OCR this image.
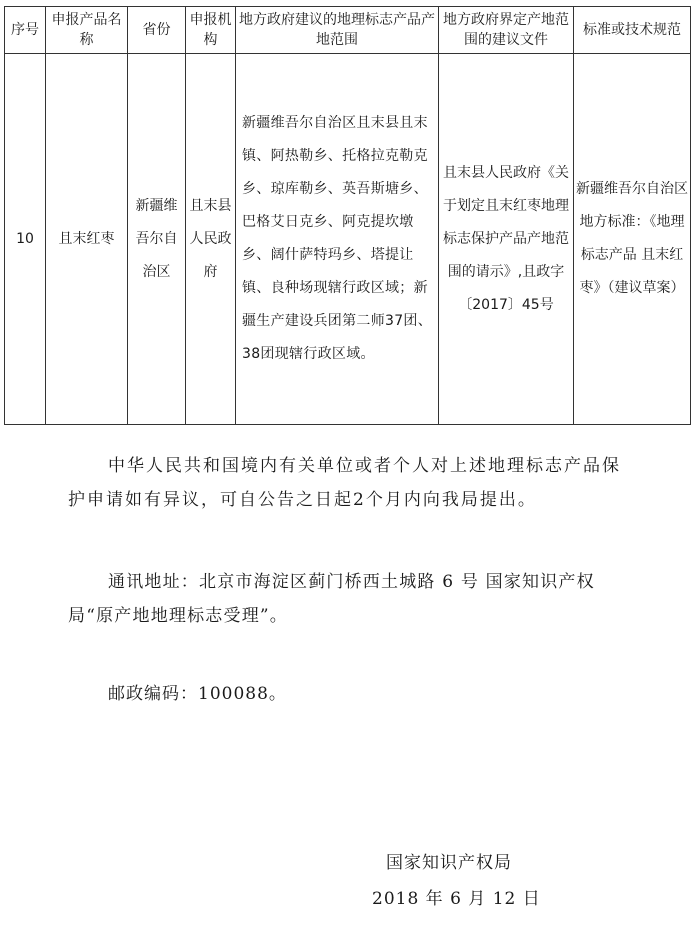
序号	申报产品名称	省份	申报机构	地方政府建议的地理标志产品产地范围	地方政府界定产地范围的建议文件	标准或技术规范

10	且末红枣	新疆维吾尔自治区	且末县人民政府	新疆维吾尔自治区且末县且末镇、阿热勒乡、托格拉克勒克乡、琼库勒乡、英吾斯塘乡、巴格艾日克乡、阿克提坎墩乡、阔什萨特玛乡、塔提让镇、良种场现辖行政区域；新疆生产建设兵团第二师37团、38团现辖行政区域。	且末县人民政府《关于划定且末红枣地理标志保护产品产地范围的请示》,且政字〔2017〕45号	新疆维吾尔自治区地方标准：《地理标志产品 且末红枣》（建议草案）

中华人民共和国境内有关单位或者个人对上述地理标志产品保护申请如有异议，可自公告之日起2个月内向我局提出。

通讯地址：北京市海淀区蓟门桥西土城路 6 号 国家知识产权局“原产地地理标志受理”。

邮政编码：100088。

国家知识产权局
2018 年 6 月 12 日
